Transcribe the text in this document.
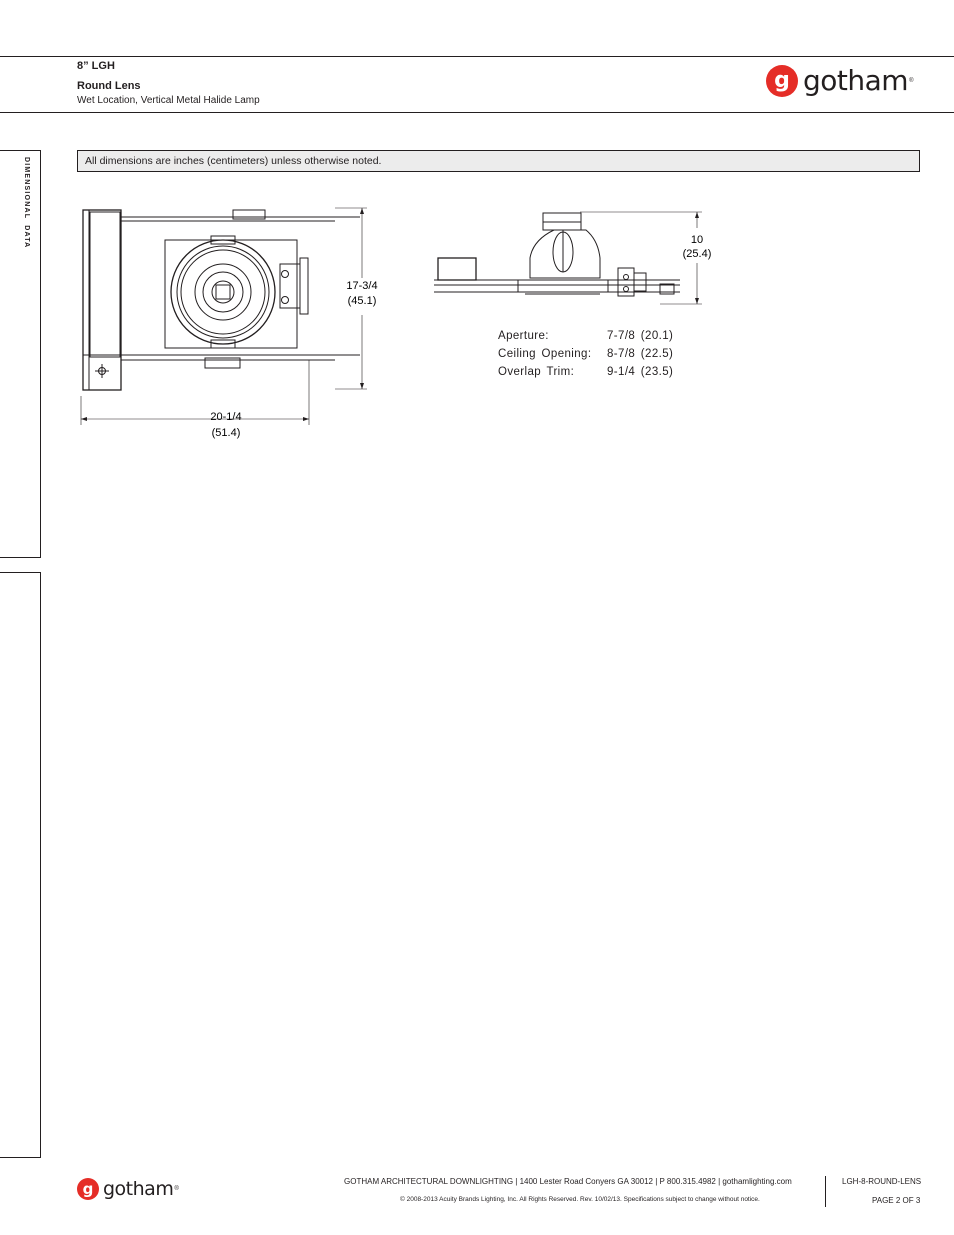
8” LGH
Round Lens
Wet Location, Vertical Metal Halide Lamp
g gotham ®
DIMENSIONAL DATA	All dimensions are inches (centimeters) unless otherwise noted.
17-3/4
(45.1)
20-1/4
(51.4)
10
(25.4)
Aperture:	7-7/8 (20.1)
Ceiling Opening:	8-7/8 (22.5)
Overlap Trim:	9-1/4 (23.5)
g gotham ®
GOTHAM ARCHITECTURAL DOWNLIGHTING | 1400 Lester Road Conyers GA 30012 | P 800.315.4982 | gothamlighting.com
© 2008-2013 Acuity Brands Lighting, Inc. All Rights Reserved. Rev. 10/02/13. Specifications subject to change without notice.
LGH-8-ROUND-LENS
PAGE 2 OF 3
